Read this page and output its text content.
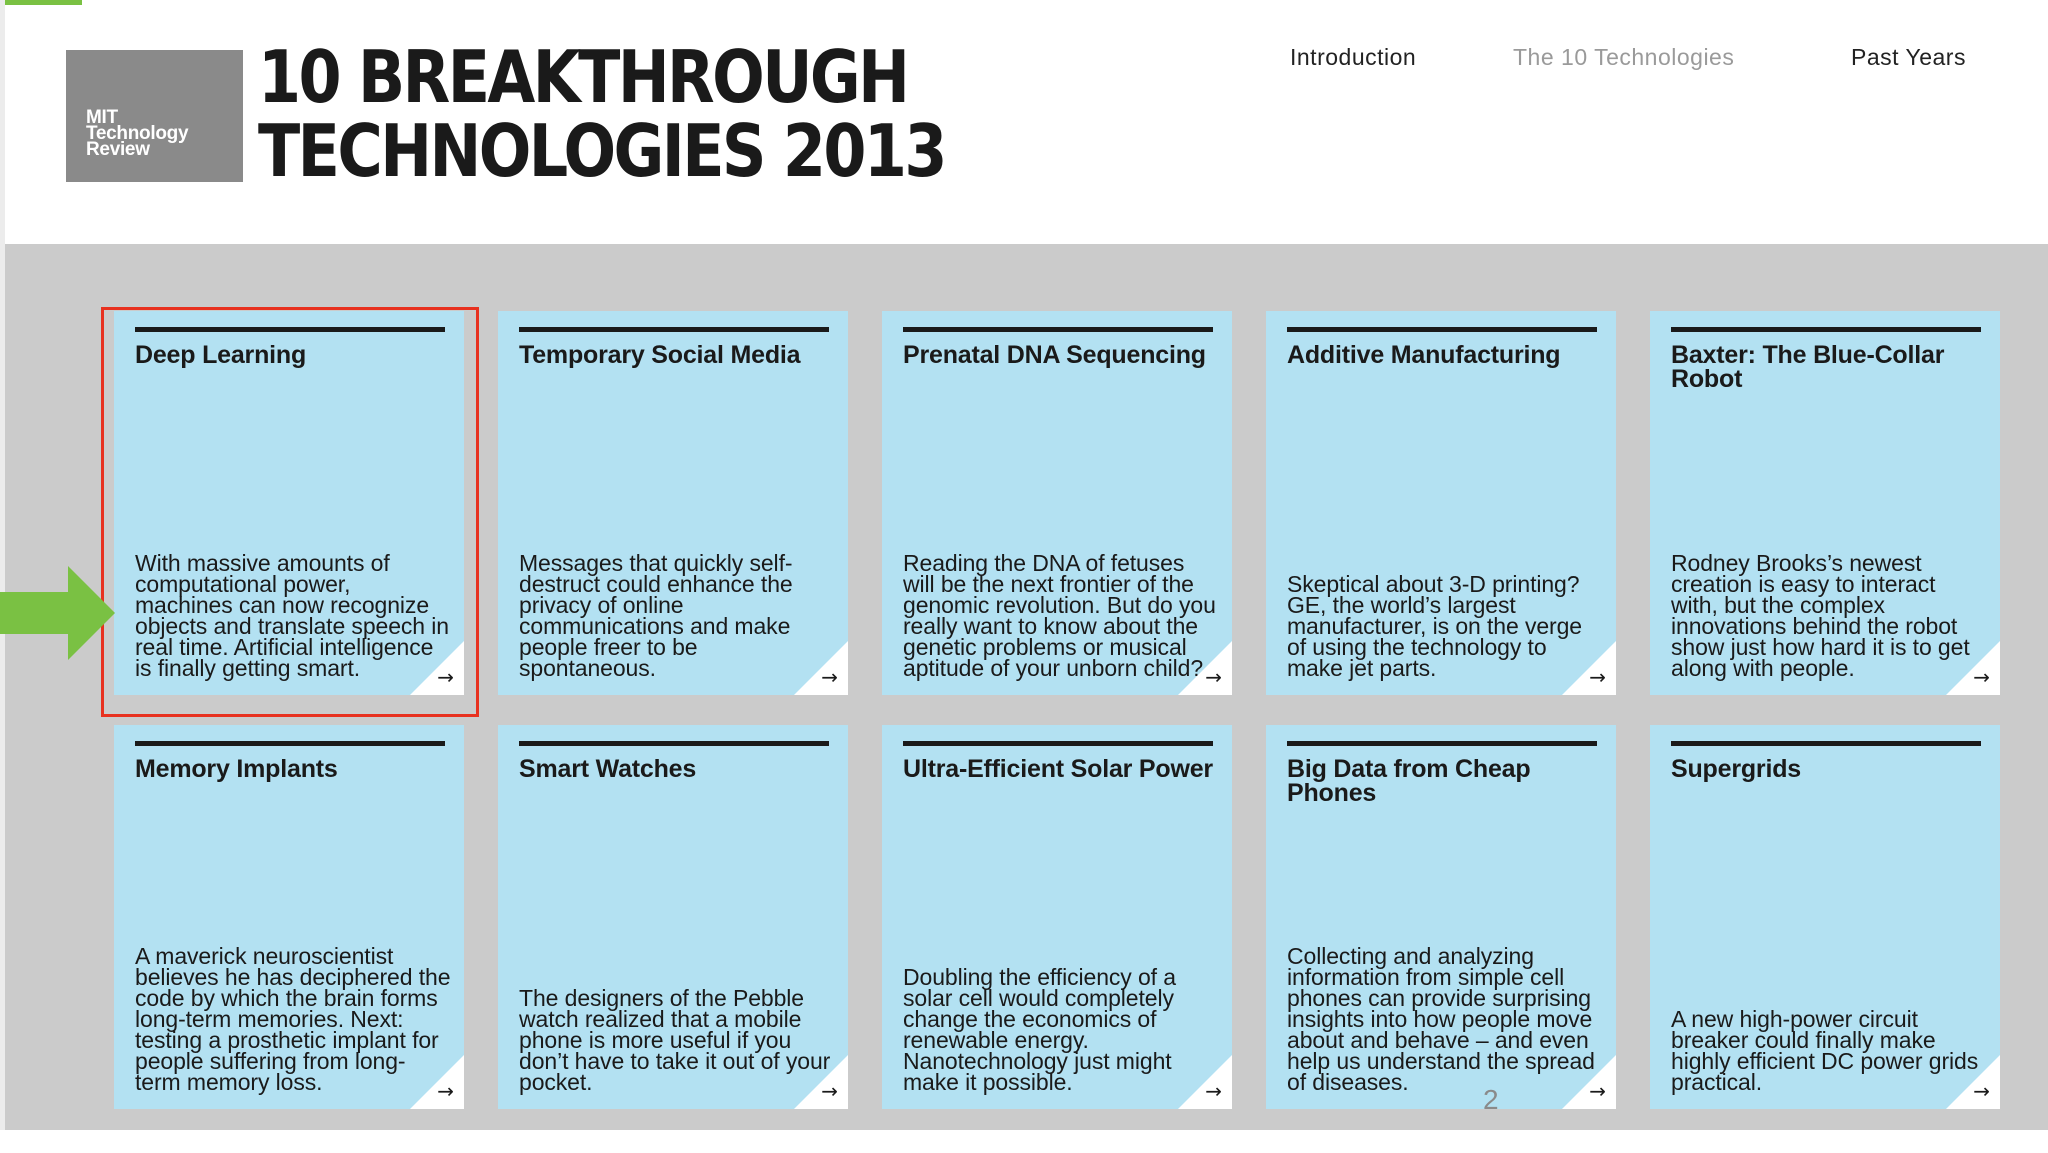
MIT
Technology
Review
10 BREAKTHROUGH
TECHNOLOGIES 2013
Introduction	The 10 Technologies	Past Years
Deep Learning
With massive amounts of computational power, machines can now recognize objects and translate speech in real time. Artificial intelligence is finally getting smart.	→
Temporary Social Media
Messages that quickly self-destruct could enhance the privacy of online communications and make people freer to be spontaneous.	→
Prenatal DNA Sequencing
Reading the DNA of fetuses will be the next frontier of the genomic revolution. But do you really want to know about the genetic problems or musical aptitude of your unborn child? →
Additive Manufacturing
Skeptical about 3-D printing? GE, the world’s largest manufacturer, is on the verge of using the technology to make jet parts.	→
Baxter: The Blue-Collar Robot
Rodney Brooks’s newest creation is easy to interact with, but the complex innovations behind the robot show just how hard it is to get along with people.	→
Memory Implants
A maverick neuroscientist believes he has deciphered the code by which the brain forms long-term memories. Next: testing a prosthetic implant for people suffering from long-term memory loss.	→
Smart Watches
The designers of the Pebble watch realized that a mobile phone is more useful if you don’t have to take it out of your pocket.	→
Ultra-Efficient Solar Power
Doubling the efficiency of a solar cell would completely change the economics of renewable energy. Nanotechnology just might make it possible.	→
Big Data from Cheap Phones
Collecting and analyzing information from simple cell phones can provide surprising insights into how people move about and behave – and even help us understand the spread of diseases.	→
Supergrids
A new high-power circuit breaker could finally make highly efficient DC power grids practical.	→
2
